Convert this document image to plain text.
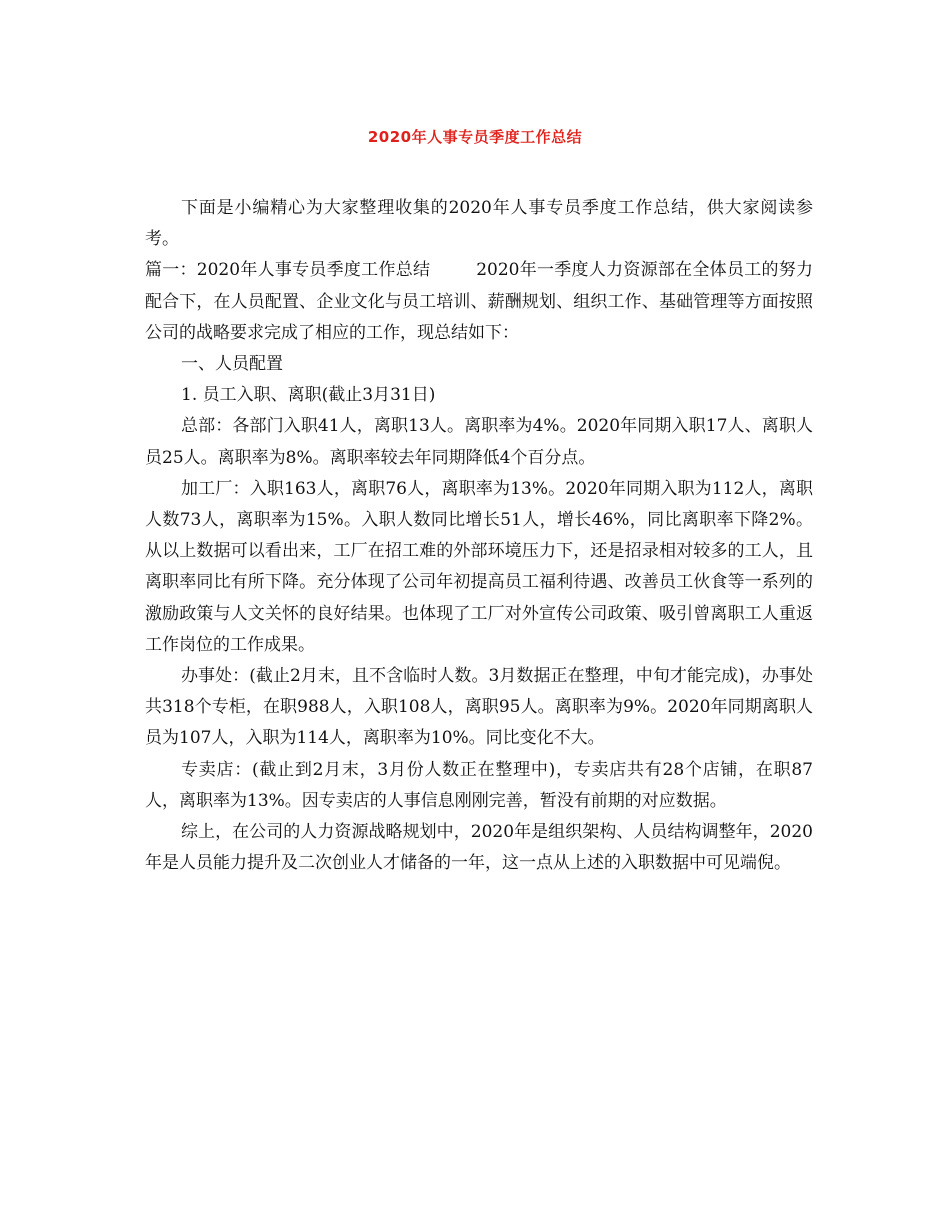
2020年人事专员季度工作总结

下面是小编精心为大家整理收集的2020年人事专员季度工作总结，供大家阅读参考。

篇一：2020年人事专员季度工作总结	2020年一季度人力资源部在全体员工的努力配合下，在人员配置、企业文化与员工培训、薪酬规划、组织工作、基础管理等方面按照公司的战略要求完成了相应的工作，现总结如下：

一、人员配置

1. 员工入职、离职(截止3月31日)

总部：各部门入职41人，离职13人。离职率为4%。2020年同期入职17人、离职人员25人。离职率为8%。离职率较去年同期降低4个百分点。

加工厂：入职163人，离职76人，离职率为13%。2020年同期入职为112人，离职人数73人，离职率为15%。入职人数同比增长51人，增长46%，同比离职率下降2%。从以上数据可以看出来，工厂在招工难的外部环境压力下，还是招录相对较多的工人，且离职率同比有所下降。充分体现了公司年初提高员工福利待遇、改善员工伙食等一系列的激励政策与人文关怀的良好结果。也体现了工厂对外宣传公司政策、吸引曾离职工人重返工作岗位的工作成果。

办事处：(截止2月末，且不含临时人数。3月数据正在整理，中旬才能完成)，办事处共318个专柜，在职988人，入职108人，离职95人。离职率为9%。2020年同期离职人员为107人，入职为114人，离职率为10%。同比变化不大。

专卖店：(截止到2月末，3月份人数正在整理中)，专卖店共有28个店铺，在职87人，离职率为13%。因专卖店的人事信息刚刚完善，暂没有前期的对应数据。

综上，在公司的人力资源战略规划中，2020年是组织架构、人员结构调整年，2020年是人员能力提升及二次创业人才储备的一年，这一点从上述的入职数据中可见端倪。
